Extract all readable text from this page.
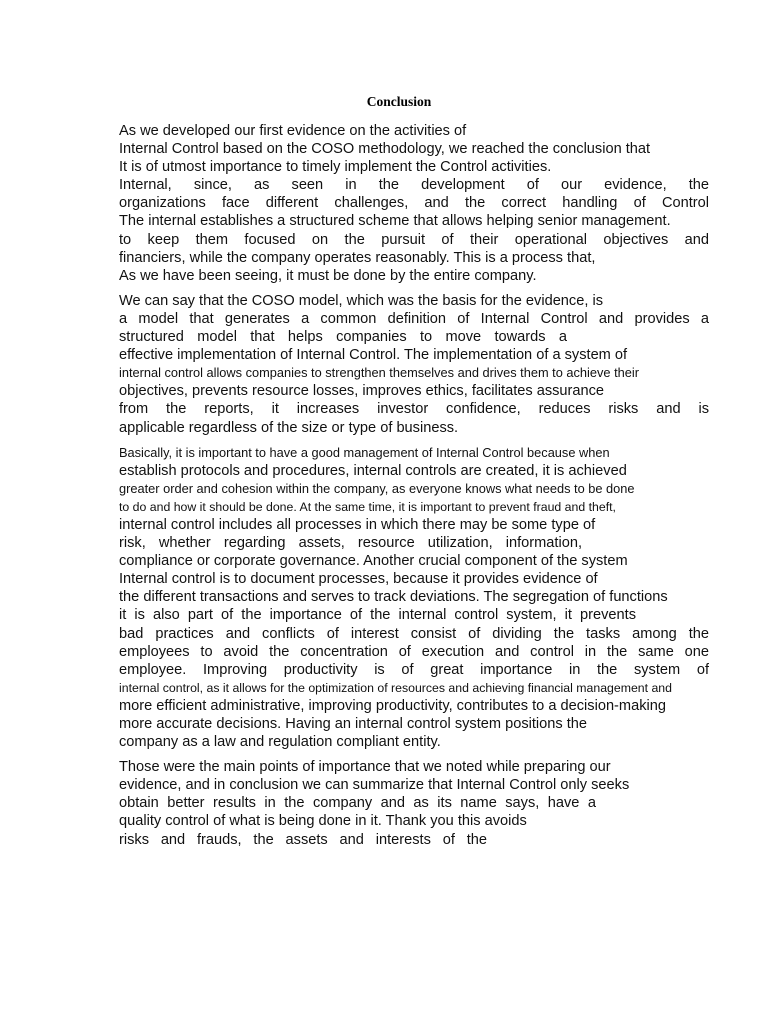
Conclusion
As we developed our first evidence on the activities of
Internal Control based on the COSO methodology, we reached the conclusion that
It is of utmost importance to timely implement the Control activities.
Internal, since, as seen in the development of our evidence, the
organizations face different challenges, and the correct handling of Control
The internal establishes a structured scheme that allows helping senior management.
to keep them focused on the pursuit of their operational objectives and
financiers, while the company operates reasonably. This is a process that,
As we have been seeing, it must be done by the entire company.
We can say that the COSO model, which was the basis for the evidence, is
a model that generates a common definition of Internal Control and provides a
structured model that helps companies to move towards a
effective implementation of Internal Control. The implementation of a system of
internal control allows companies to strengthen themselves and drives them to achieve their
objectives, prevents resource losses, improves ethics, facilitates assurance
from the reports, it increases investor confidence, reduces risks and is
applicable regardless of the size or type of business.
Basically, it is important to have a good management of Internal Control because when
establish protocols and procedures, internal controls are created, it is achieved
greater order and cohesion within the company, as everyone knows what needs to be done
to do and how it should be done. At the same time, it is important to prevent fraud and theft,
internal control includes all processes in which there may be some type of
risk, whether regarding assets, resource utilization, information,
compliance or corporate governance. Another crucial component of the system
Internal control is to document processes, because it provides evidence of
the different transactions and serves to track deviations. The segregation of functions
it is also part of the importance of the internal control system, it prevents
bad practices and conflicts of interest consist of dividing the tasks among the
employees to avoid the concentration of execution and control in the same one
employee. Improving productivity is of great importance in the system of
internal control, as it allows for the optimization of resources and achieving financial management and
more efficient administrative, improving productivity, contributes to a decision-making
more accurate decisions. Having an internal control system positions the
company as a law and regulation compliant entity.
Those were the main points of importance that we noted while preparing our
evidence, and in conclusion we can summarize that Internal Control only seeks
obtain better results in the company and as its name says, have a
quality control of what is being done in it. Thank you this avoids
risks and frauds, the assets and interests of the
